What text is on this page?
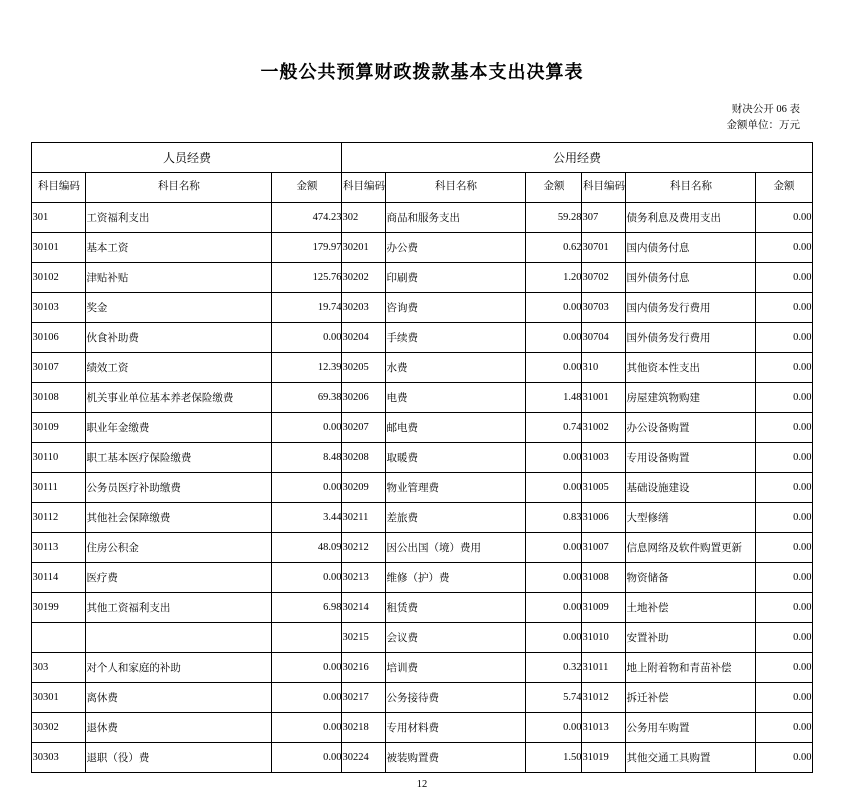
一般公共预算财政拨款基本支出决算表
财决公开 06 表
金额单位：万元
人员经费			公用经费					
科目编码	科目名称	金额	科目编码	科目名称	金额	科目编码	科目名称	金额
301	工资福利支出	474.23	302	商品和服务支出	59.28	307	债务利息及费用支出	0.00
30101	基本工资	179.97	30201	办公费	0.62	30701	国内债务付息	0.00
30102	津贴补贴	125.76	30202	印刷费	1.20	30702	国外债务付息	0.00
30103	奖金	19.74	30203	咨询费	0.00	30703	国内债务发行费用	0.00
30106	伙食补助费	0.00	30204	手续费	0.00	30704	国外债务发行费用	0.00
30107	绩效工资	12.39	30205	水费	0.00	310	其他资本性支出	0.00
30108	机关事业单位基本养老保险缴费	69.38	30206	电费	1.48	31001	房屋建筑物购建	0.00
30109	职业年金缴费	0.00	30207	邮电费	0.74	31002	办公设备购置	0.00
30110	职工基本医疗保险缴费	8.48	30208	取暖费	0.00	31003	专用设备购置	0.00
30111	公务员医疗补助缴费	0.00	30209	物业管理费	0.00	31005	基础设施建设	0.00
30112	其他社会保障缴费	3.44	30211	差旅费	0.83	31006	大型修缮	0.00
30113	住房公积金	48.09	30212	因公出国（境）费用	0.00	31007	信息网络及软件购置更新	0.00
30114	医疗费	0.00	30213	维修（护）费	0.00	31008	物资储备	0.00
30199	其他工资福利支出	6.98	30214	租赁费	0.00	31009	土地补偿	0.00
			30215	会议费	0.00	31010	安置补助	0.00
303	对个人和家庭的补助	0.00	30216	培训费	0.32	31011	地上附着物和青苗补偿	0.00
30301	离休费	0.00	30217	公务接待费	5.74	31012	拆迁补偿	0.00
30302	退休费	0.00	30218	专用材料费	0.00	31013	公务用车购置	0.00
30303	退职（役）费	0.00	30224	被装购置费	1.50	31019	其他交通工具购置	0.00
12
